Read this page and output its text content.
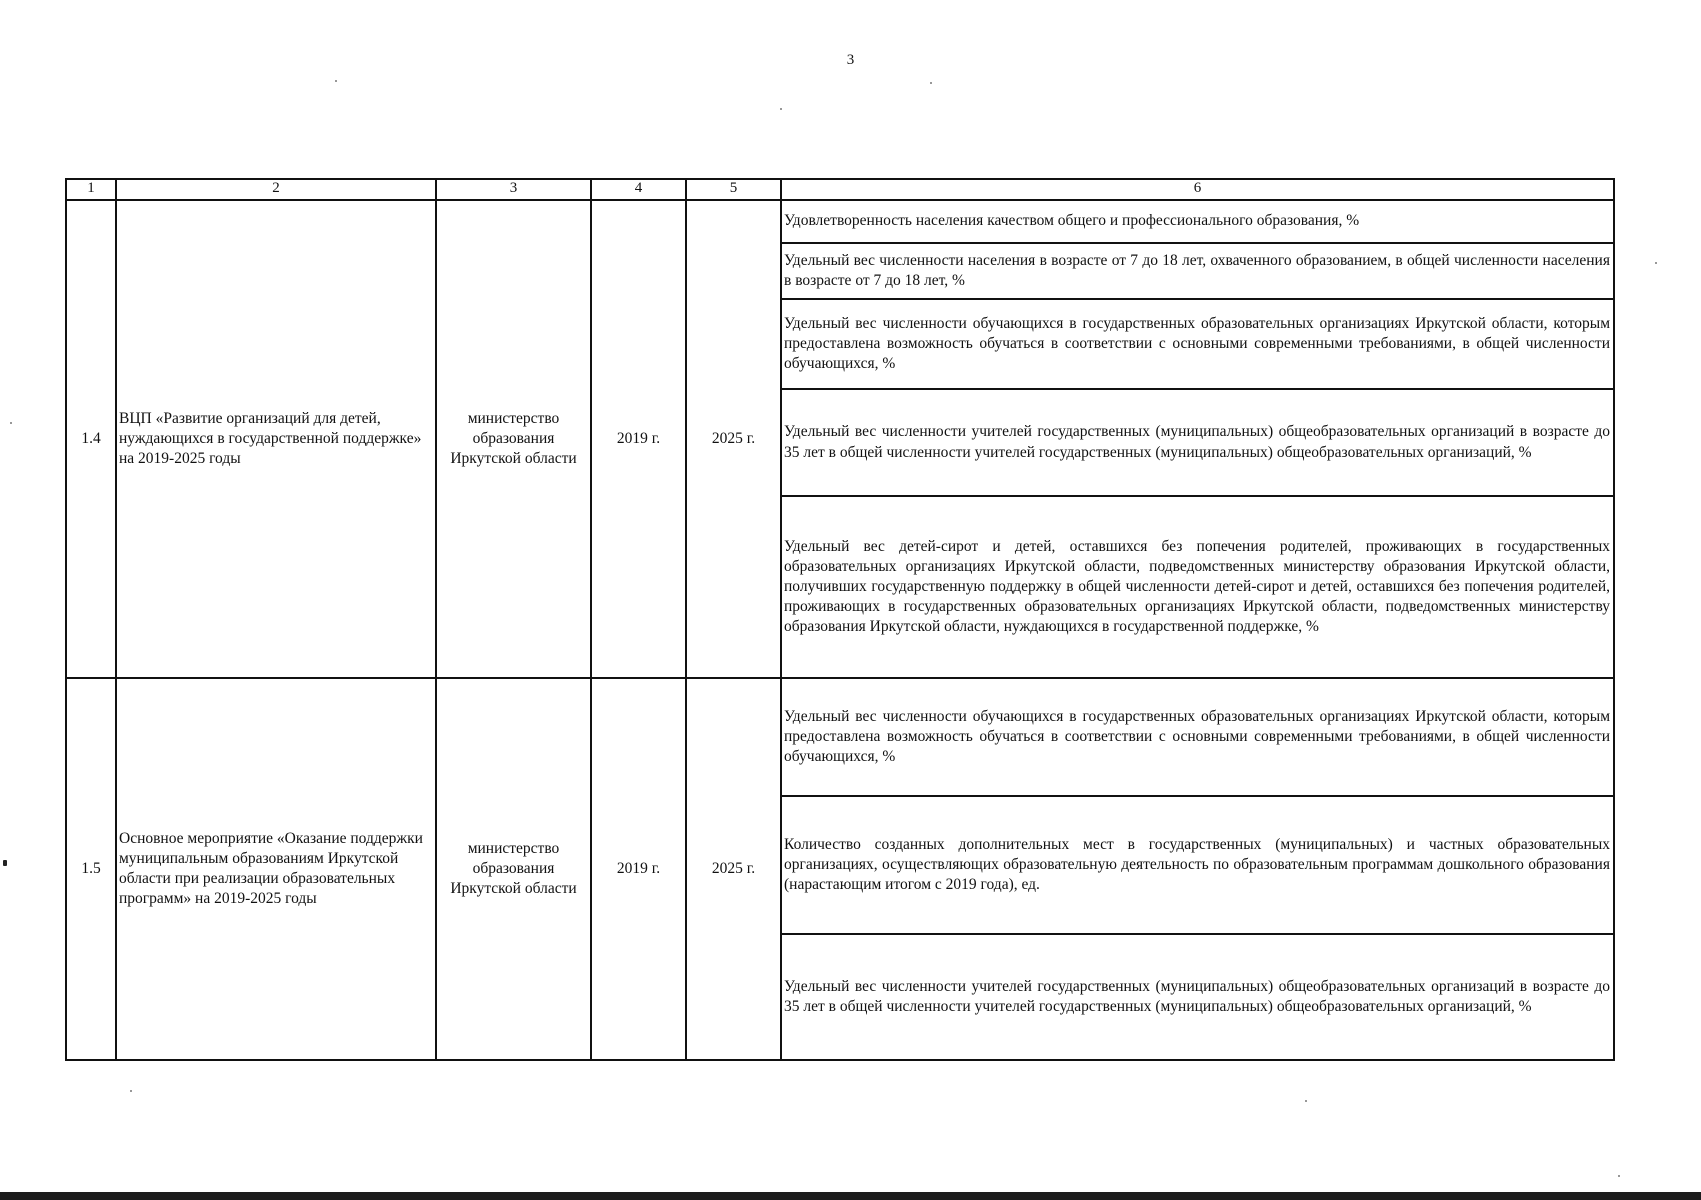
3
1	2	3	4	5	6
1.4	ВЦП «Развитие организаций для детей, нуждающихся в государственной поддержке» на 2019-2025 годы	министерство образования Иркутской области	2019 г.	2025 г.	Удовлетворенность населения качеством общего и профессионального образования, %
Удельный вес численности населения в возрасте от 7 до 18 лет, охваченного образованием, в общей численности населения в возрасте от 7 до 18 лет, %
Удельный вес численности обучающихся в государственных образовательных организациях Иркутской области, которым предоставлена возможность обучаться в соответствии с основными современными требованиями, в общей численности обучающихся, %
Удельный вес численности учителей государственных (муниципальных) общеобразовательных организаций в возрасте до 35 лет в общей численности учителей государственных (муниципальных) общеобразовательных организаций, %
Удельный вес детей-сирот и детей, оставшихся без попечения родителей, проживающих в государственных образовательных организациях Иркутской области, подведомственных министерству образования Иркутской области, получивших государственную поддержку в общей численности детей-сирот и детей, оставшихся без попечения родителей, проживающих в государственных образовательных организациях Иркутской области, подведомственных министерству образования Иркутской области, нуждающихся в государственной поддержке, %

1.5	Основное мероприятие «Оказание поддержки муниципальным образованиям Иркутской области при реализации образовательных программ» на 2019-2025 годы	министерство образования Иркутской области	2019 г.	2025 г.	Удельный вес численности обучающихся в государственных образовательных организациях Иркутской области, которым предоставлена возможность обучаться в соответствии с основными современными требованиями, в общей численности обучающихся, %
Количество созданных дополнительных мест в государственных (муниципальных) и частных образовательных организациях, осуществляющих образовательную деятельность по образовательным программам дошкольного образования (нарастающим итогом с 2019 года), ед.
Удельный вес численности учителей государственных (муниципальных) общеобразовательных организаций в возрасте до 35 лет в общей численности учителей государственных (муниципальных) общеобразовательных организаций, %
